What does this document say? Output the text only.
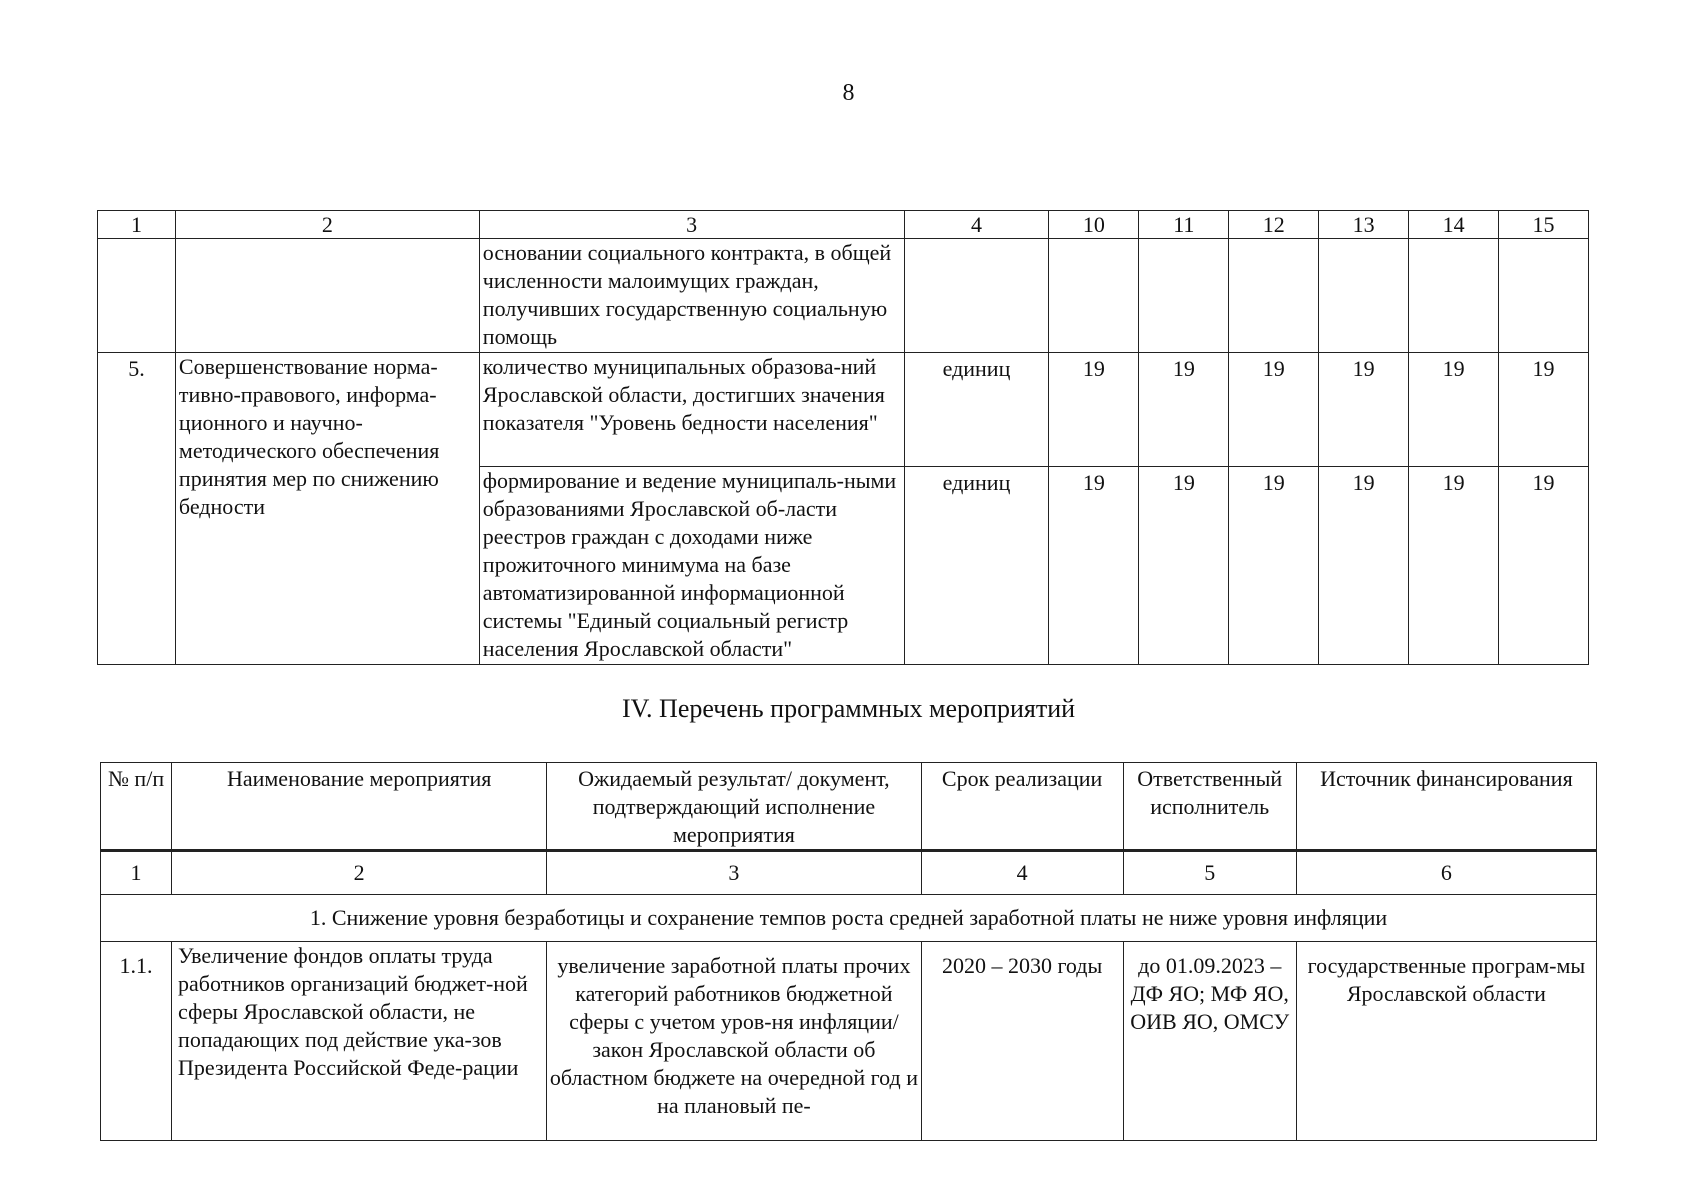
8
1	2	3	4	10	11	12	13	14	15
		основании социального контракта, в общей численности малоимущих граждан, получивших государственную социальную помощь							
5.	Совершенствование норма-тивно-правового, информа-ционного и научно-методического обеспечения принятия мер по снижению бедности	количество муниципальных образова-ний Ярославской области, достигших значения показателя "Уровень бедности населения"	единиц	19	19	19	19	19	19
		формирование и ведение муниципаль-ными образованиями Ярославской об-ласти реестров граждан с доходами ниже прожиточного минимума на базе автоматизированной информационной системы "Единый социальный регистр населения Ярославской области"	единиц	19	19	19	19	19	19
IV. Перечень программных мероприятий
№ п/п	Наименование мероприятия	Ожидаемый результат/ документ, подтверждающий исполнение мероприятия	Срок реализации	Ответственный исполнитель	Источник финансирования
1	2	3	4	5	6
1. Снижение уровня безработицы и сохранение темпов роста средней заработной платы не ниже уровня инфляции					
1.1.	Увеличение фондов оплаты труда работников организаций бюджет-ной сферы Ярославской области, не попадающих под действие ука-зов Президента Российской Феде-рации	увеличение заработной платы прочих категорий работников бюджетной сферы с учетом уров-ня инфляции/ закон Ярославской области об областном бюджете на очередной год и на плановый пе-	2020 – 2030 годы	до 01.09.2023 – ДФ ЯО; МФ ЯО, ОИВ ЯО, ОМСУ	государственные програм-мы Ярославской области
